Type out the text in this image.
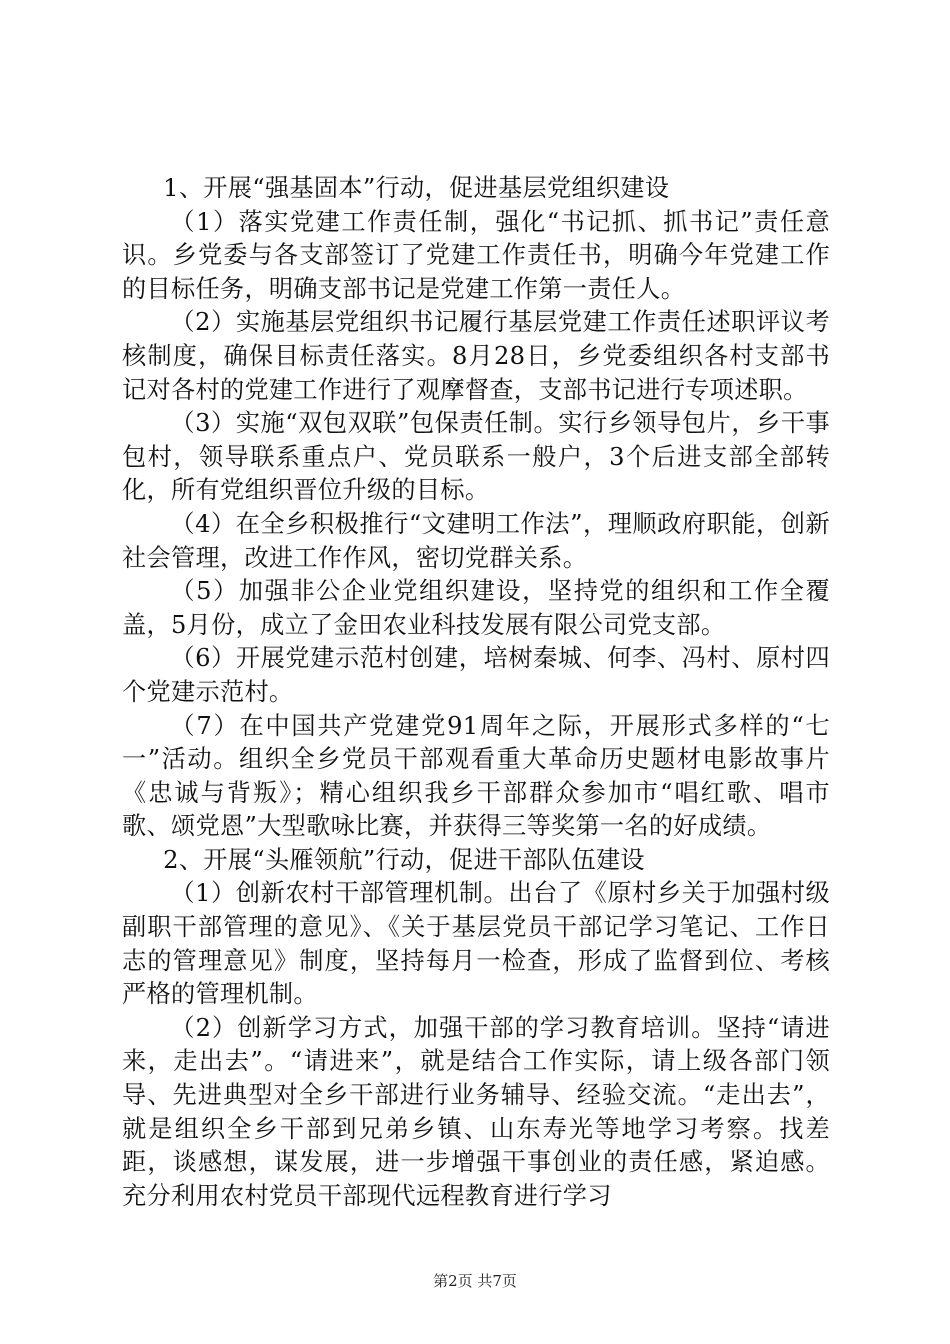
1、开展“强基固本”行动，促进基层党组织建设

（1）落实党建工作责任制，强化“书记抓、抓书记”责任意识。乡党委与各支部签订了党建工作责任书，明确今年党建工作的目标任务，明确支部书记是党建工作第一责任人。

（2）实施基层党组织书记履行基层党建工作责任述职评议考核制度，确保目标责任落实。8月28日，乡党委组织各村支部书记对各村的党建工作进行了观摩督查，支部书记进行专项述职。

（3）实施“双包双联”包保责任制。实行乡领导包片，乡干事包村，领导联系重点户、党员联系一般户，3个后进支部全部转化，所有党组织晋位升级的目标。

（4）在全乡积极推行“文建明工作法”，理顺政府职能，创新社会管理，改进工作作风，密切党群关系。

（5）加强非公企业党组织建设，坚持党的组织和工作全覆盖，5月份，成立了金田农业科技发展有限公司党支部。

（6）开展党建示范村创建，培树秦城、何李、冯村、原村四个党建示范村。

（7）在中国共产党建党91周年之际，开展形式多样的“七一”活动。组织全乡党员干部观看重大革命历史题材电影故事片《忠诚与背叛》；精心组织我乡干部群众参加市“唱红歌、唱市歌、颂党恩”大型歌咏比赛，并获得三等奖第一名的好成绩。

2、开展“头雁领航”行动，促进干部队伍建设

（1）创新农村干部管理机制。出台了《原村乡关于加强村级副职干部管理的意见》、《关于基层党员干部记学习笔记、工作日志的管理意见》制度，坚持每月一检查，形成了监督到位、考核严格的管理机制。

（2）创新学习方式，加强干部的学习教育培训。坚持“请进来，走出去”。“请进来”，就是结合工作实际，请上级各部门领导、先进典型对全乡干部进行业务辅导、经验交流。“走出去”，就是组织全乡干部到兄弟乡镇、山东寿光等地学习考察。找差距，谈感想，谋发展，进一步增强干事创业的责任感，紧迫感。充分利用农村党员干部现代远程教育进行学习

第2页 共7页
